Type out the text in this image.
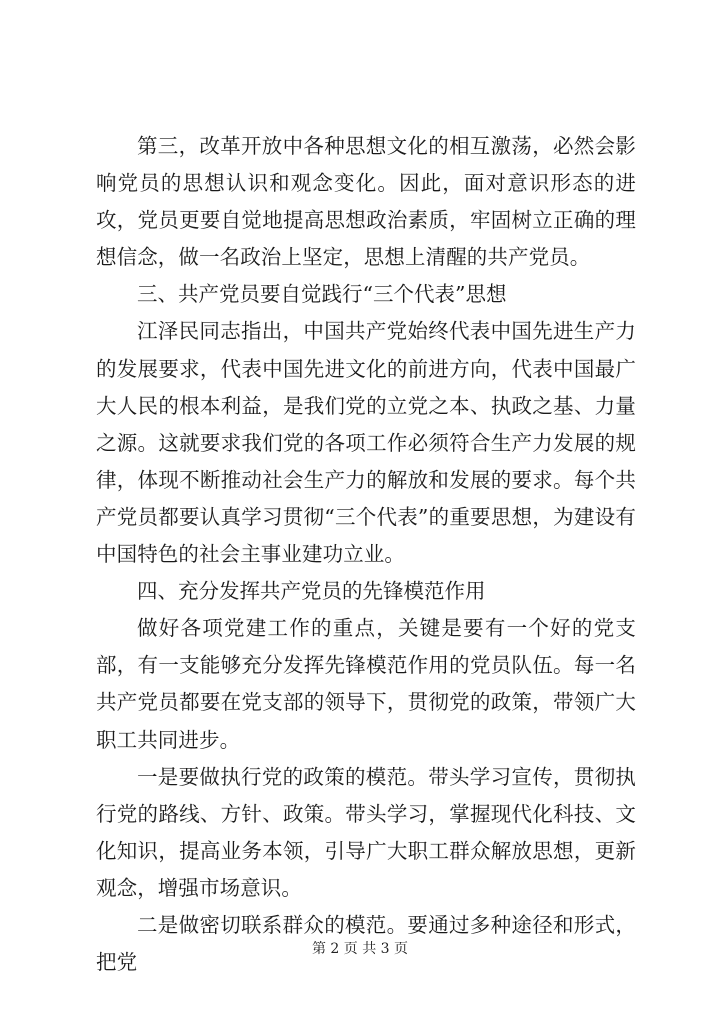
第三，改革开放中各种思想文化的相互激荡，必然会影响党员的思想认识和观念变化。因此，面对意识形态的进攻，党员更要自觉地提高思想政治素质，牢固树立正确的理想信念，做一名政治上坚定，思想上清醒的共产党员。

三、共产党员要自觉践行“三个代表”思想

江泽民同志指出，中国共产党始终代表中国先进生产力的发展要求，代表中国先进文化的前进方向，代表中国最广大人民的根本利益，是我们党的立党之本、执政之基、力量之源。这就要求我们党的各项工作必须符合生产力发展的规律，体现不断推动社会生产力的解放和发展的要求。每个共产党员都要认真学习贯彻“三个代表”的重要思想，为建设有中国特色的社会主事业建功立业。

四、充分发挥共产党员的先锋模范作用

做好各项党建工作的重点，关键是要有一个好的党支部，有一支能够充分发挥先锋模范作用的党员队伍。每一名共产党员都要在党支部的领导下，贯彻党的政策，带领广大职工共同进步。

一是要做执行党的政策的模范。带头学习宣传，贯彻执行党的路线、方针、政策。带头学习，掌握现代化科技、文化知识，提高业务本领，引导广大职工群众解放思想，更新观念，增强市场意识。

二是做密切联系群众的模范。要通过多种途径和形式，把党

第 2 页 共 3 页
